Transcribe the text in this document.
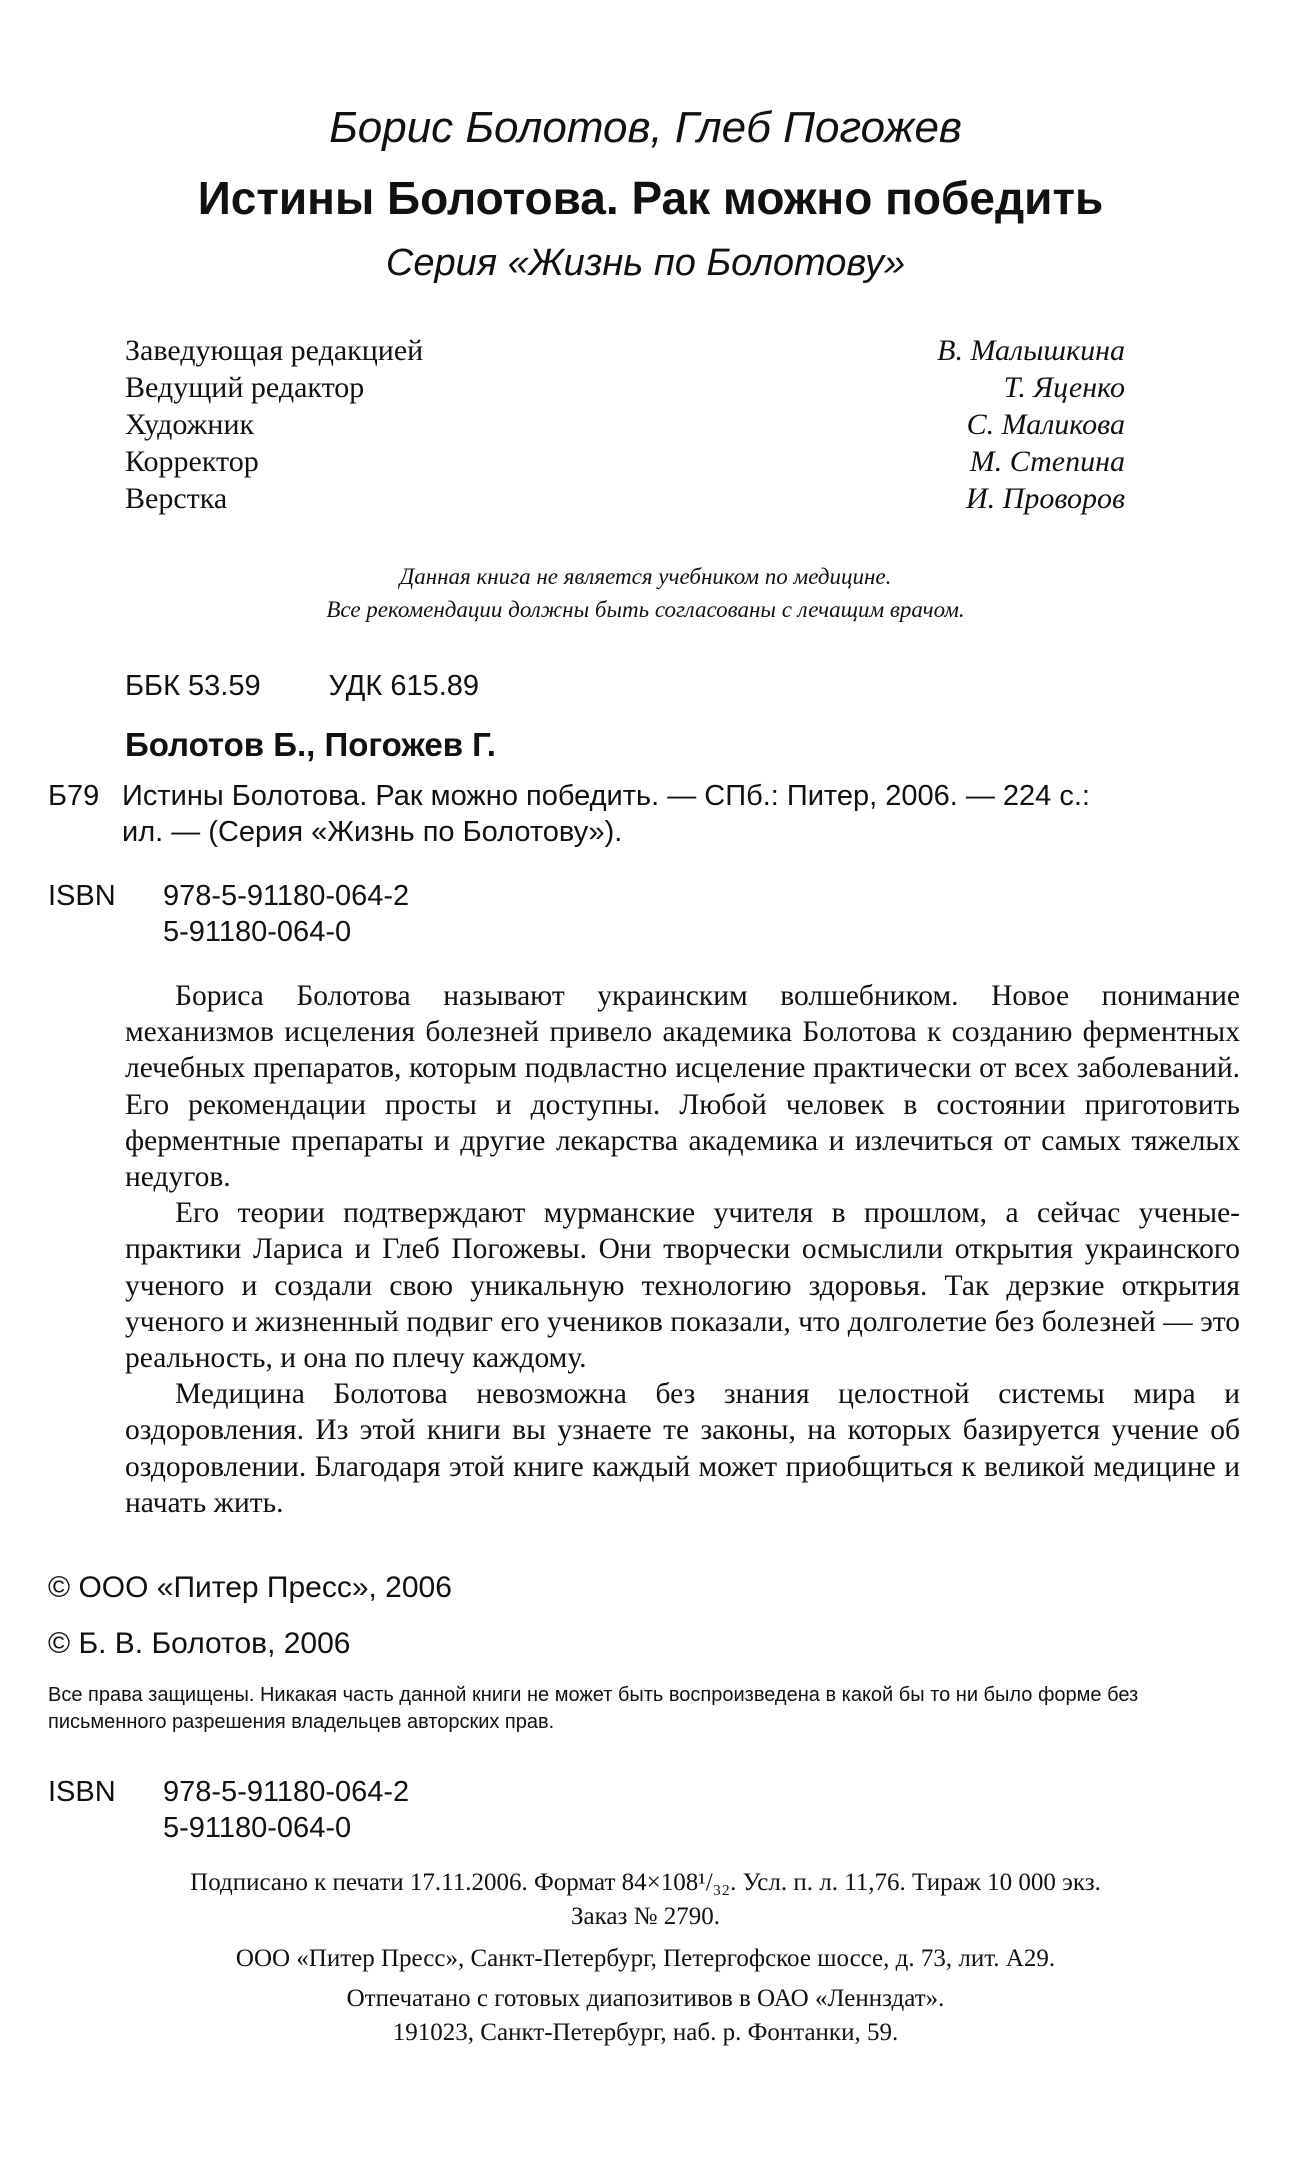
Борис Болотов, Глеб Погожев
Истины Болотова. Рак можно победить
Серия «Жизнь по Болотову»
Заведующая редакцией	В. Малышкина
Ведущий редактор	Т. Яценко
Художник	С. Маликова
Корректор	М. Степина
Верстка	И. Проворов
Данная книга не является учебником по медицине.
Все рекомендации должны быть согласованы с лечащим врачом.
ББК 53.59 УДК 615.89
Болотов Б., Погожев Г.
Б79 Истины Болотова. Рак можно победить. — СПб.: Питер, 2006. — 224 с.:
ил. — (Серия «Жизнь по Болотову»).
ISBN 978-5-91180-064-2
5-91180-064-0

Бориса Болотова называют украинским волшебником. Новое понимание механизмов исцеления болезней привело академика Болотова к созданию ферментных лечебных препаратов, которым подвластно исцеление практически от всех заболеваний. Его рекомендации просты и доступны. Любой человек в состоянии приготовить ферментные препараты и другие лекарства академика и излечиться от самых тяжелых недугов.

Его теории подтверждают мурманские учителя в прошлом, а сейчас ученые-практики Лариса и Глеб Погожевы. Они творчески осмыслили открытия украинского ученого и создали свою уникальную технологию здоровья. Так дерзкие открытия ученого и жизненный подвиг его учеников показали, что долголетие без болезней — это реальность, и она по плечу каждому.

Медицина Болотова невозможна без знания целостной системы мира и оздоровления. Из этой книги вы узнаете те законы, на которых базируется учение об оздоровлении. Благодаря этой книге каждый может приобщиться к великой медицине и начать жить.

© ООО «Питер Пресс», 2006
© Б. В. Болотов, 2006
Все права защищены. Никакая часть данной книги не может быть воспроизведена в какой бы то ни было форме без письменного разрешения владельцев авторских прав.
ISBN 978-5-91180-064-2
5-91180-064-0
Подписано к печати 17.11.2006. Формат 84×108¹/₃₂. Усл. п. л. 11,76. Тираж 10 000 экз.
Заказ № 2790.
ООО «Питер Пресс», Санкт-Петербург, Петергофское шоссе, д. 73, лит. А29.
Отпечатано с готовых диапозитивов в ОАО «Леннздат».
191023, Санкт-Петербург, наб. р. Фонтанки, 59.
